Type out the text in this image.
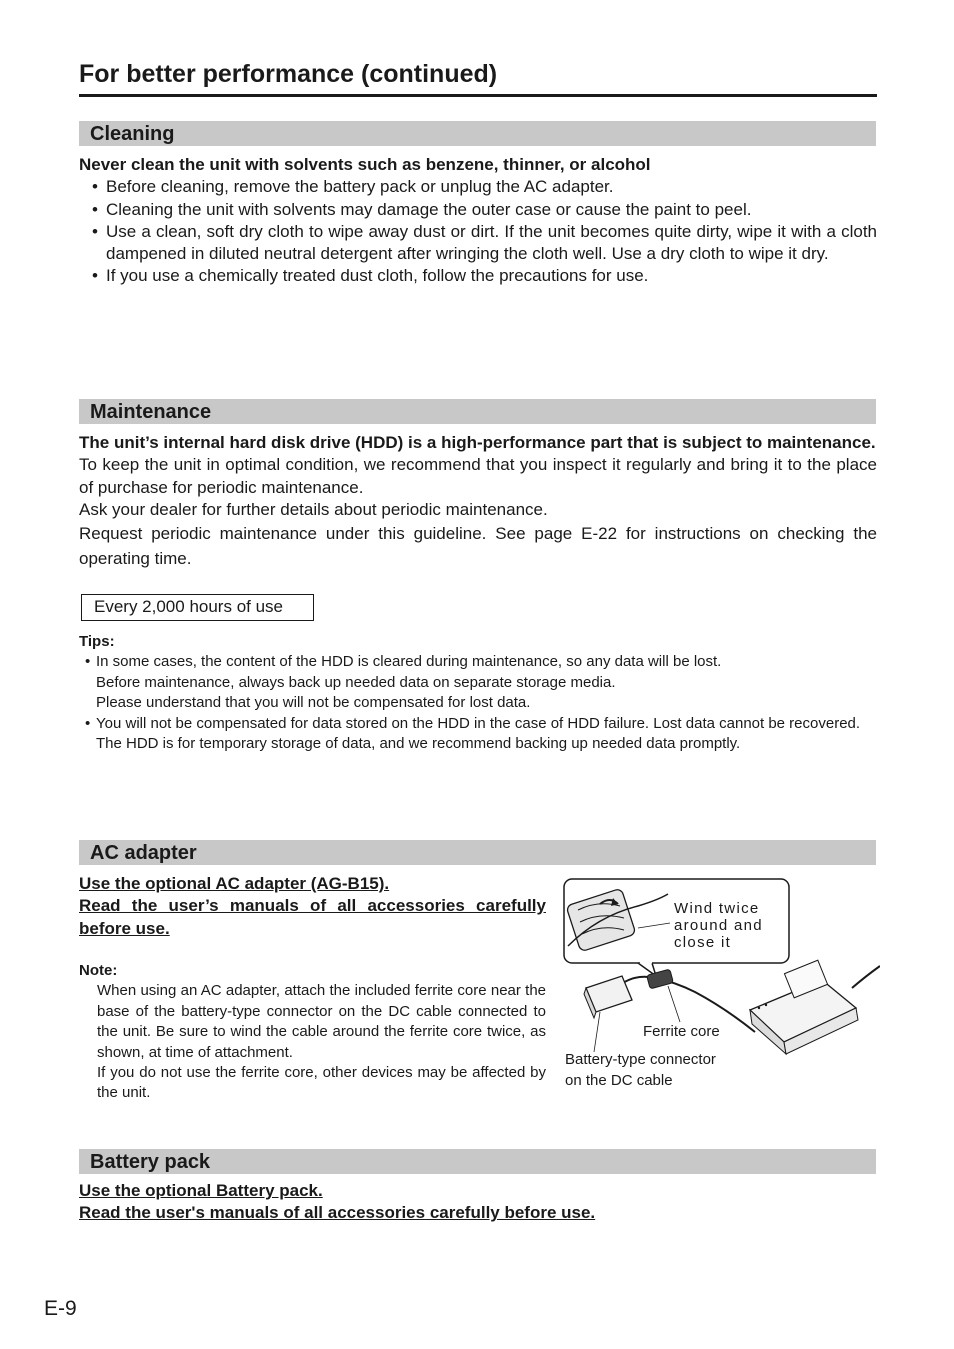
For better performance (continued)
Cleaning
Never clean the unit with solvents such as benzene, thinner, or alcohol
• Before cleaning, remove the battery pack or unplug the AC adapter.
• Cleaning the unit with solvents may damage the outer case or cause the paint to peel.
• Use a clean, soft dry cloth to wipe away dust or dirt. If the unit becomes quite dirty, wipe it with a cloth dampened in diluted neutral detergent after wringing the cloth well. Use a dry cloth to wipe it dry.
• If you use a chemically treated dust cloth, follow the precautions for use.
Maintenance
The unit’s internal hard disk drive (HDD) is a high-performance part that is subject to maintenance.
To keep the unit in optimal condition, we recommend that you inspect it regularly and bring it to the place of purchase for periodic maintenance.
Ask your dealer for further details about periodic maintenance.
Request periodic maintenance under this guideline. See page E-22 for instructions on checking the operating time.
Every 2,000 hours of use
Tips:
• In some cases, the content of the HDD is cleared during maintenance, so any data will be lost.

Before maintenance, always back up needed data on separate storage media.

Please understand that you will not be compensated for lost data.

• You will not be compensated for data stored on the HDD in the case of HDD failure. Lost data cannot be recovered.

The HDD is for temporary storage of data, and we recommend backing up needed data promptly.

AC adapter
Use the optional AC adapter (AG-B15).
Read the user’s manuals of all accessories carefully before use.
Note:

When using an AC adapter, attach the included ferrite core near the base of the battery-type connector on the DC cable connected to the unit. Be sure to wind the cable around the ferrite core twice, as shown, at time of attachment.

If you do not use the ferrite core, other devices may be affected by the unit.

Wind twice around and close it
Ferrite core
Battery-type connector
on the DC cable
Battery pack
Use the optional Battery pack.
Read the user's manuals of all accessories carefully before use.
E-9
